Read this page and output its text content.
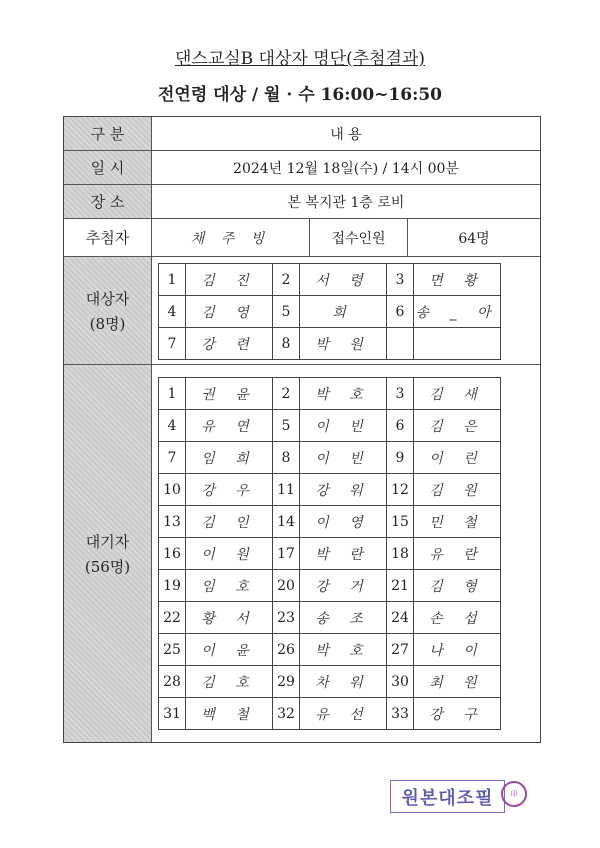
댄스교실B 대상자 명단(추첨결과)
전연령 대상 / 월 · 수 16:00~16:50
구 분	내 용
일 시	2024년 12월 18일(수) / 14시 00분
장 소	본 복지관 1층 로비
추첨자	채 주 빙	접수인원	64명
대상자
(8명)
1	김 진	2	서 령	3	면 황
4	김 영	5	희	6	송 _ 아
7	강 련	8	박 원		
대기자
(56명)
1	권 윤	2	박 호	3	김 새
4	유 연	5	이 빈	6	김 은
7	임 희	8	이 빈	9	이 린
10	강 우	11	강 워	12	김 원
13	김 인	14	이 영	15	민 철
16	이 원	17	박 란	18	유 란
19	임 호	20	강 거	21	김 형
22	황 서	23	송 조	24	손 섭
25	이 윤	26	박 호	27	나 이
28	김 호	29	차 워	30	최 원
31	백 철	32	유 선	33	강 구
원본대조필	印
